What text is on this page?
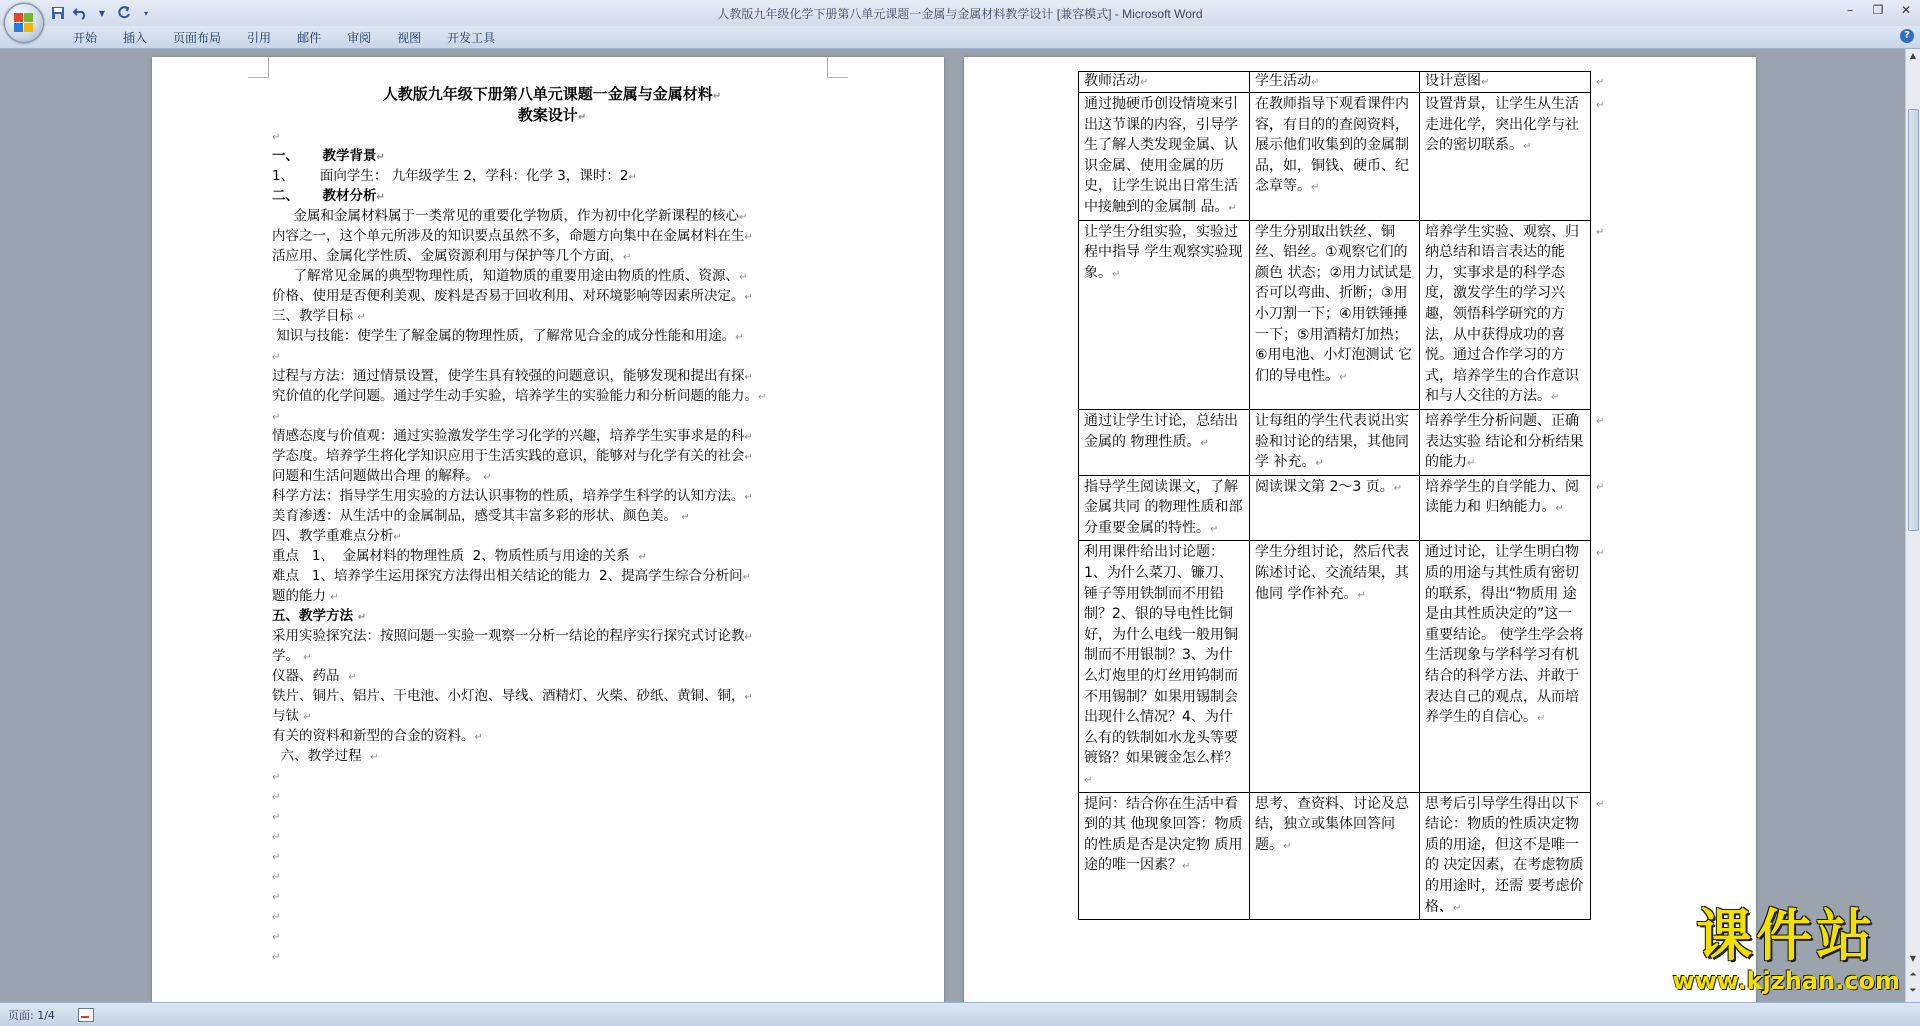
▼	▾	人教版九年级化学下册第八单元课题一金属与金属材料教学设计 [兼容模式] - Microsoft Word	–	❐	✕
开始	插入	页面布局	引用	邮件	审阅	视图	开发工具	?
人教版九年级下册第八单元课题一金属与金属材料↵
教案设计↵
↵
一、     教学背景↵
1、      面向学生： 九年级学生 2，学科：化学 3，课时：2↵
二、     教材分析↵
金属和金属材料属于一类常见的重要化学物质，作为初中化学新课程的核心↵
内容之一，这个单元所涉及的知识要点虽然不多，命题方向集中在金属材料在生↵
活应用、金属化学性质、金属资源利用与保护等几个方面，↵
了解常见金属的典型物理性质，知道物质的重要用途由物质的性质、资源、↵
价格、使用是否便利美观、废料是否易于回收利用、对环境影响等因素所决定。↵
三、教学目标 ↵
知识与技能：使学生了解金属的物理性质，了解常见合金的成分性能和用途。↵
↵
过程与方法：通过情景设置，使学生具有较强的问题意识，能够发现和提出有探↵
究价值的化学问题。通过学生动手实验，培养学生的实验能力和分析问题的能力。↵
↵
情感态度与价值观：通过实验激发学生学习化学的兴趣，培养学生实事求是的科↵
学态度。培养学生将化学知识应用于生活实践的意识，能够对与化学有关的社会↵
问题和生活问题做出合理 的解释。 ↵
科学方法：指导学生用实验的方法认识事物的性质，培养学生科学的认知方法。↵
美育渗透：从生活中的金属制品，感受其丰富多彩的形状、颜色美。 ↵
四、教学重难点分析↵
重点   1、  金属材料的物理性质  2、物质性质与用途的关系  ↵
难点   1、培养学生运用探究方法得出相关结论的能力  2、提高学生综合分析问↵
题的能力 ↵
五、教学方法 ↵
采用实验探究法：按照问题一实验一观察一分析一结论的程序实行探究式讨论教↵
学。 ↵
仪器、药品  ↵
铁片、铜片、铝片、干电池、小灯泡、导线、酒精灯、火柴、砂纸、黄铜、铜，↵
与钛 ↵
有关的资料和新型的合金的资料。↵
六、教学过程  ↵
↵
↵
↵
↵
↵
↵
↵
↵
↵
↵
教师活动↵	学生活动↵	设计意图↵	↵
通过抛硬币创设情境来引出这节课的内容，引导学生了解人类发现金属、认识金属、使用金属的历史，让学生说出日常生活中接触到的金属制 品。↵	在教师指导下观看课件内容，有目的的查阅资料，展示他们收集到的金属制品，如，铜钱、硬币、纪念章等。↵	设置背景，让学生从生活走进化学，突出化学与社会的密切联系。↵	↵
让学生分组实验，实验过程中指导 学生观察实验现象。↵	学生分别取出铁丝、铜丝、铝丝。①观察它们的颜色 状态；②用力试试是否可以弯曲、折断；③用小刀割一下；④用铁锤捶一下；⑤用酒精灯加热；⑥用电池、小灯泡测试 它们的导电性。↵	培养学生实验、观察、归纳总结和语言表达的能力，实事求是的科学态度，激发学生的学习兴趣，领悟科学研究的方法，从中获得成功的喜悦。通过合作学习的方式，培养学生的合作意识 和与人交往的方法。↵	↵
通过让学生讨论，总结出金属的 物理性质。↵	让每组的学生代表说出实验和讨论的结果，其他同学 补充。↵	培养学生分析问题、正确表达实验 结论和分析结果的能力↵	↵
指导学生阅读课文，了解金属共同 的物理性质和部分重要金属的特性。↵	阅读课文第 2～3 页。↵	培养学生的自学能力、阅读能力和 归纳能力。↵	↵
利用课件给出讨论题：1、为什么菜刀、镰刀、锤子等用铁制而不用铅 制？2、银的导电性比铜好，为什么电线一般用铜制而不用银制？3、为什么灯炮里的灯丝用钨制而不用锡制？如果用锡制会出现什么情况？4、为什么有的铁制如水龙头等要镀铬？如果镀金怎么样？↵	学生分组讨论，然后代表陈述讨论、交流结果，其他同 学作补充。↵	通过讨论，让学生明白物质的用途与其性质有密切的联系，得出“物质用 途是由其性质决定的”这一重要结论。 使学生学会将生活现象与学科学习有机结合的科学方法、并敢于表达自己的观点，从而培养学生的自信心。↵	↵
提问：结合你在生活中看到的其 他现象回答：物质的性质是否是决定物 质用途的唯一因素？↵	思考、查资料、讨论及总 结，独立或集体回答问题。↵	思考后引导学生得出以下结论：物质的性质决定物质的用途，但这不是唯一的 决定因素，在考虑物质的用途时，还需 要考虑价格、↵	↵
▲
▼
⏶
⏷
页面: 1/4
课件站
www.kjzhan.com
